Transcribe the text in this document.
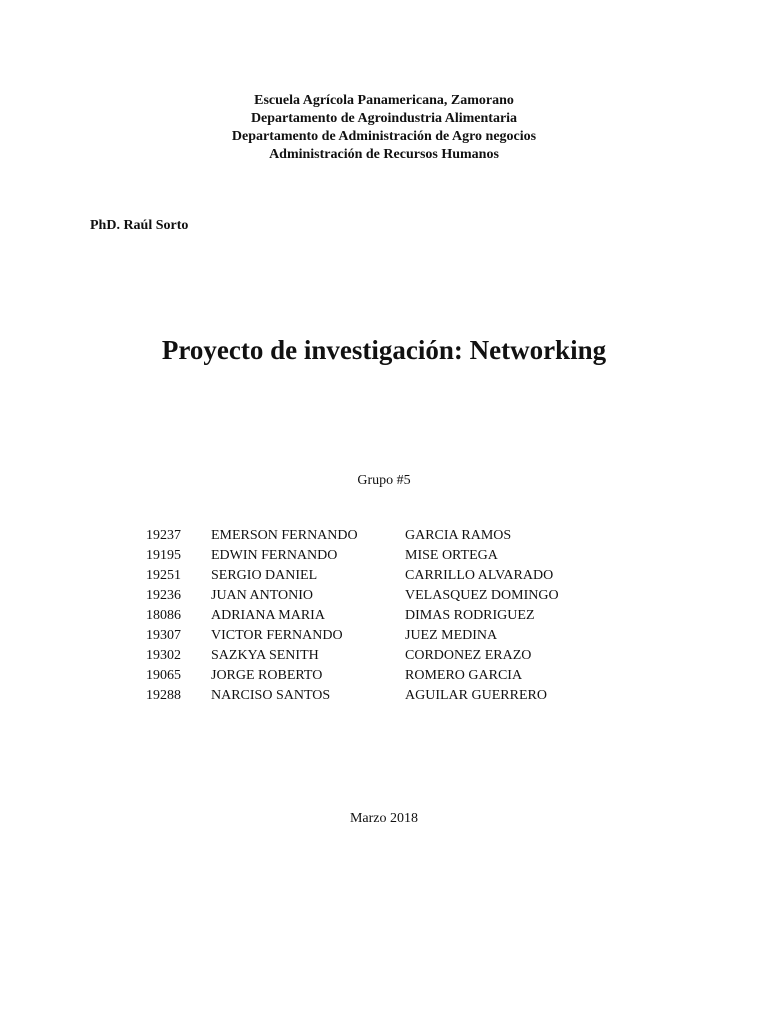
Escuela Agrícola Panamericana, Zamorano
Departamento de Agroindustria Alimentaria
Departamento de Administración de Agro negocios
Administración de Recursos Humanos
PhD. Raúl Sorto
Proyecto de investigación: Networking
Grupo #5
19237 EMERSON FERNANDO	GARCIA RAMOS
19195 EDWIN FERNANDO	MISE ORTEGA
19251 SERGIO DANIEL	CARRILLO ALVARADO
19236 JUAN ANTONIO	VELASQUEZ DOMINGO
18086 ADRIANA MARIA	DIMAS RODRIGUEZ
19307 VICTOR FERNANDO	JUEZ MEDINA
19302 SAZKYA SENITH	CORDONEZ ERAZO
19065 JORGE ROBERTO	ROMERO GARCIA
19288 NARCISO SANTOS	AGUILAR GUERRERO
Marzo 2018
